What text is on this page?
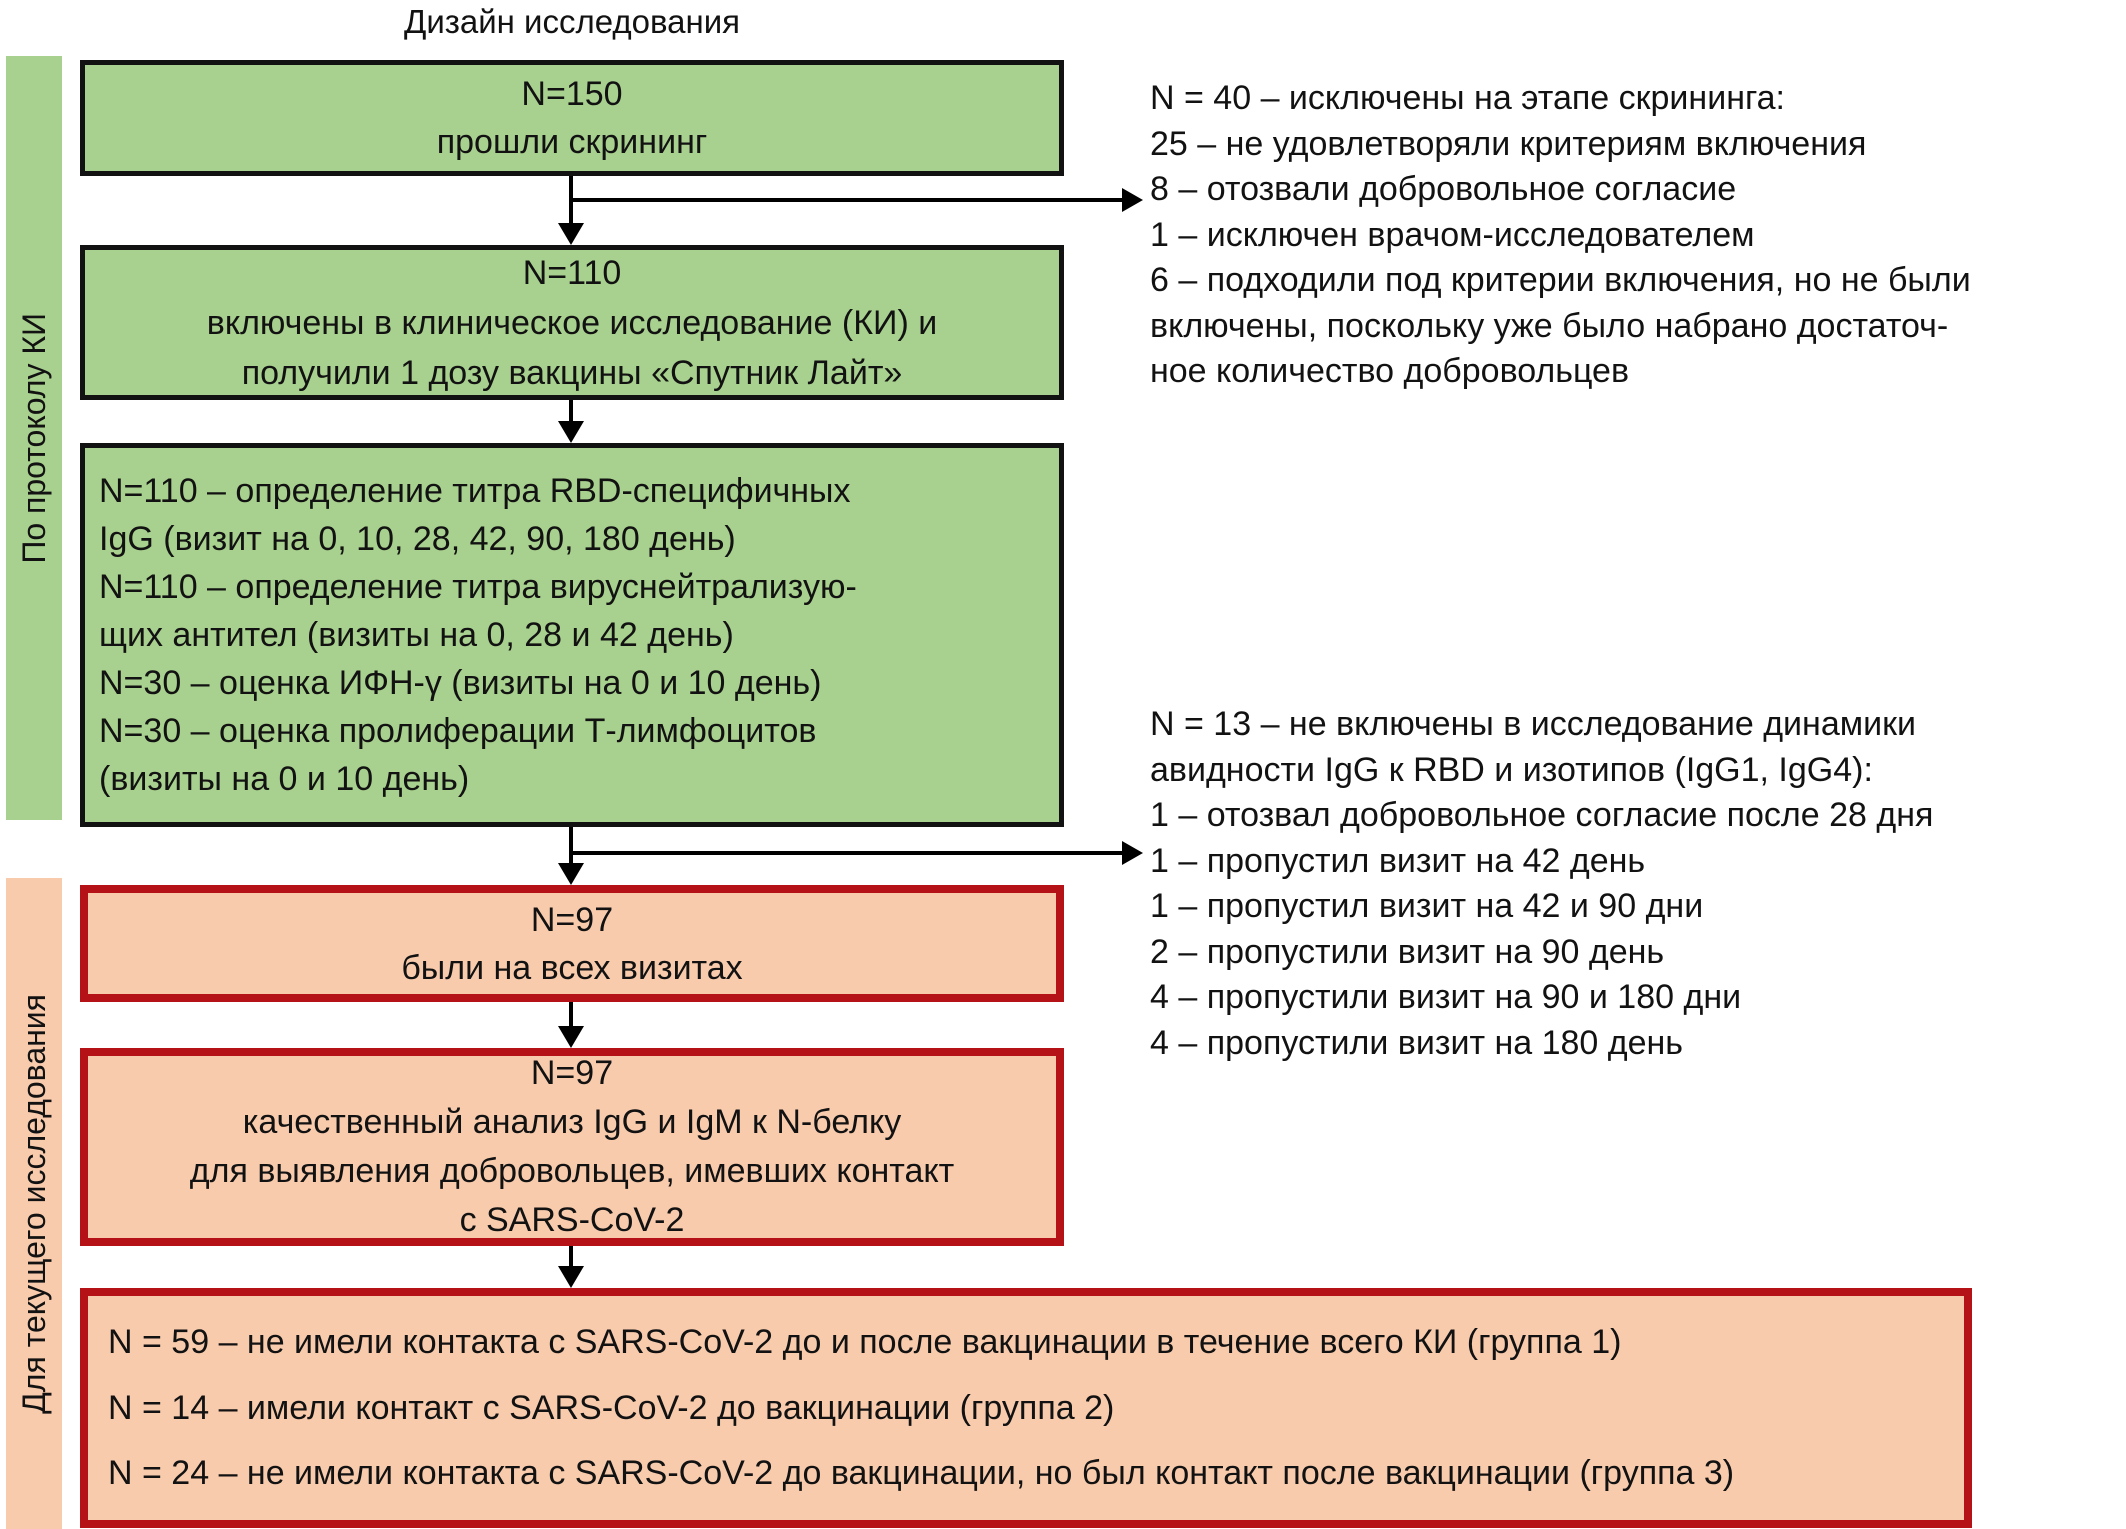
Дизайн исследования
По протоколу КИ
Для текущего исследования
N=150
прошли скрининг
N=110
включены в клиническое исследование (КИ) и
получили 1 дозу вакцины «Спутник Лайт»
N=110 – определение титра RBD-специфичных
IgG (визит на 0, 10, 28, 42, 90, 180 день)
N=110 – определение титра вируснейтрализую-
щих антител (визиты на 0, 28 и 42 день)
N=30 – оценка ИФН-γ (визиты на 0 и 10 день)
N=30 – оценка пролиферации Т-лимфоцитов
(визиты на 0 и 10 день)
N=97
были на всех визитах
N=97
качественный анализ IgG и IgM к N-белку
для выявления добровольцев, имевших контакт
с SARS-CoV-2
N = 59 – не имели контакта с SARS-CoV-2 до и после вакцинации в течение всего КИ (группа 1)
N = 14 – имели контакт с SARS-CoV-2 до вакцинации (группа 2)
N = 24 – не имели контакта с SARS-CoV-2 до вакцинации, но был контакт после вакцинации (группа 3)
N = 40 – исключены на этапе скрининга:
25 – не удовлетворяли критериям включения
8 – отозвали добровольное согласие
1 – исключен врачом-исследователем
6 – подходили под критерии включения, но не были
включены, поскольку уже было набрано достаточ-
ное количество добровольцев
N = 13 – не включены в исследование динамики
авидности IgG к RBD и изотипов (IgG1, IgG4):
1 – отозвал добровольное согласие после 28 дня
1 – пропустил визит на 42 день
1 – пропустил визит на 42 и 90 дни
2 – пропустили визит на 90 день
4 – пропустили визит на 90 и 180 дни
4 – пропустили визит на 180 день
